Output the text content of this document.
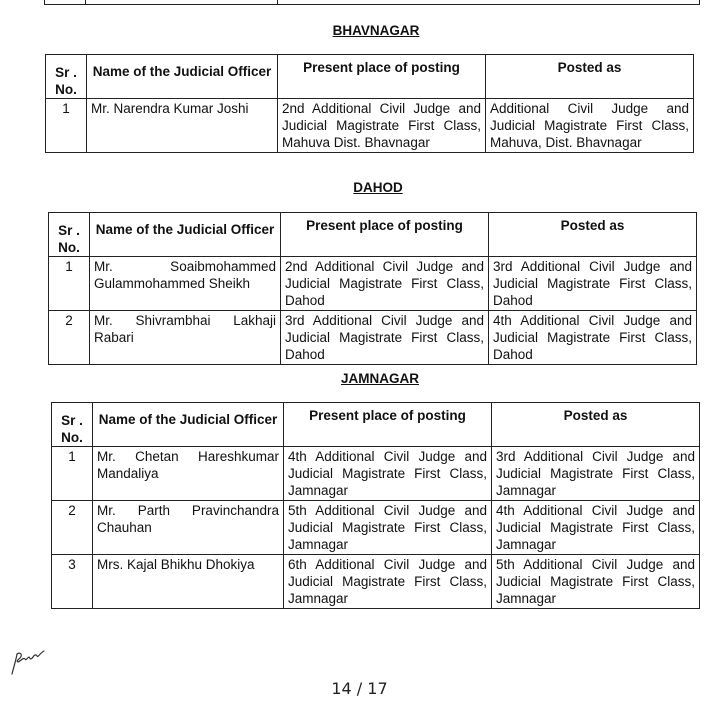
BHAVNAGAR
Sr . No.	Name of the Judicial Officer	Present place of posting	Posted as
1	Mr. Narendra Kumar Joshi	2nd Additional Civil Judge and Judicial Magistrate First Class, Mahuva Dist. Bhavnagar	Additional Civil Judge and Judicial Magistrate First Class, Mahuva, Dist. Bhavnagar
DAHOD
Sr . No.	Name of the Judicial Officer	Present place of posting	Posted as
1	Mr. Soaibmohammed Gulammohammed Sheikh	2nd Additional Civil Judge and Judicial Magistrate First Class, Dahod	3rd Additional Civil Judge and Judicial Magistrate First Class, Dahod
2	Mr. Shivrambhai Lakhaji Rabari	3rd Additional Civil Judge and Judicial Magistrate First Class, Dahod	4th Additional Civil Judge and Judicial Magistrate First Class, Dahod
JAMNAGAR
Sr . No.	Name of the Judicial Officer	Present place of posting	Posted as
1	Mr. Chetan Hareshkumar Mandaliya	4th Additional Civil Judge and Judicial Magistrate First Class, Jamnagar	3rd Additional Civil Judge and Judicial Magistrate First Class, Jamnagar
2	Mr. Parth Pravinchandra Chauhan	5th Additional Civil Judge and Judicial Magistrate First Class, Jamnagar	4th Additional Civil Judge and Judicial Magistrate First Class, Jamnagar
3	Mrs. Kajal Bhikhu Dhokiya	6th Additional Civil Judge and Judicial Magistrate First Class, Jamnagar	5th Additional Civil Judge and Judicial Magistrate First Class, Jamnagar
14 / 17
